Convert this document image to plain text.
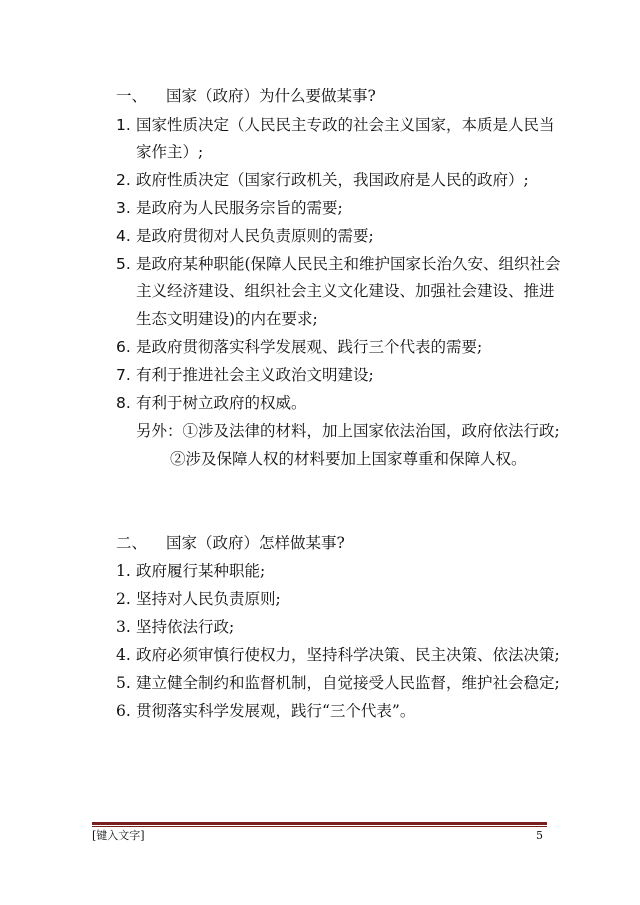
一、 国家（政府）为什么要做某事?
1. 国家性质决定（人民民主专政的社会主义国家，本质是人民当
家作主）;
2. 政府性质决定（国家行政机关，我国政府是人民的政府）;
3. 是政府为人民服务宗旨的需要;
4. 是政府贯彻对人民负责原则的需要;
5. 是政府某种职能(保障人民民主和维护国家长治久安、组织社会
主义经济建设、组织社会主义文化建设、加强社会建设、推进
生态文明建设)的内在要求;
6. 是政府贯彻落实科学发展观、践行三个代表的需要;
7. 有利于推进社会主义政治文明建设;
8. 有利于树立政府的权威。
另外：①涉及法律的材料，加上国家依法治国，政府依法行政;
②涉及保障人权的材料要加上国家尊重和保障人权。
二、 国家（政府）怎样做某事?
1. 政府履行某种职能;
2. 坚持对人民负责原则;
3. 坚持依法行政;
4. 政府必须审慎行使权力，坚持科学决策、民主决策、依法决策;
5. 建立健全制约和监督机制，自觉接受人民监督，维护社会稳定;
6. 贯彻落实科学发展观，践行“三个代表”。
[键入文字]	5
